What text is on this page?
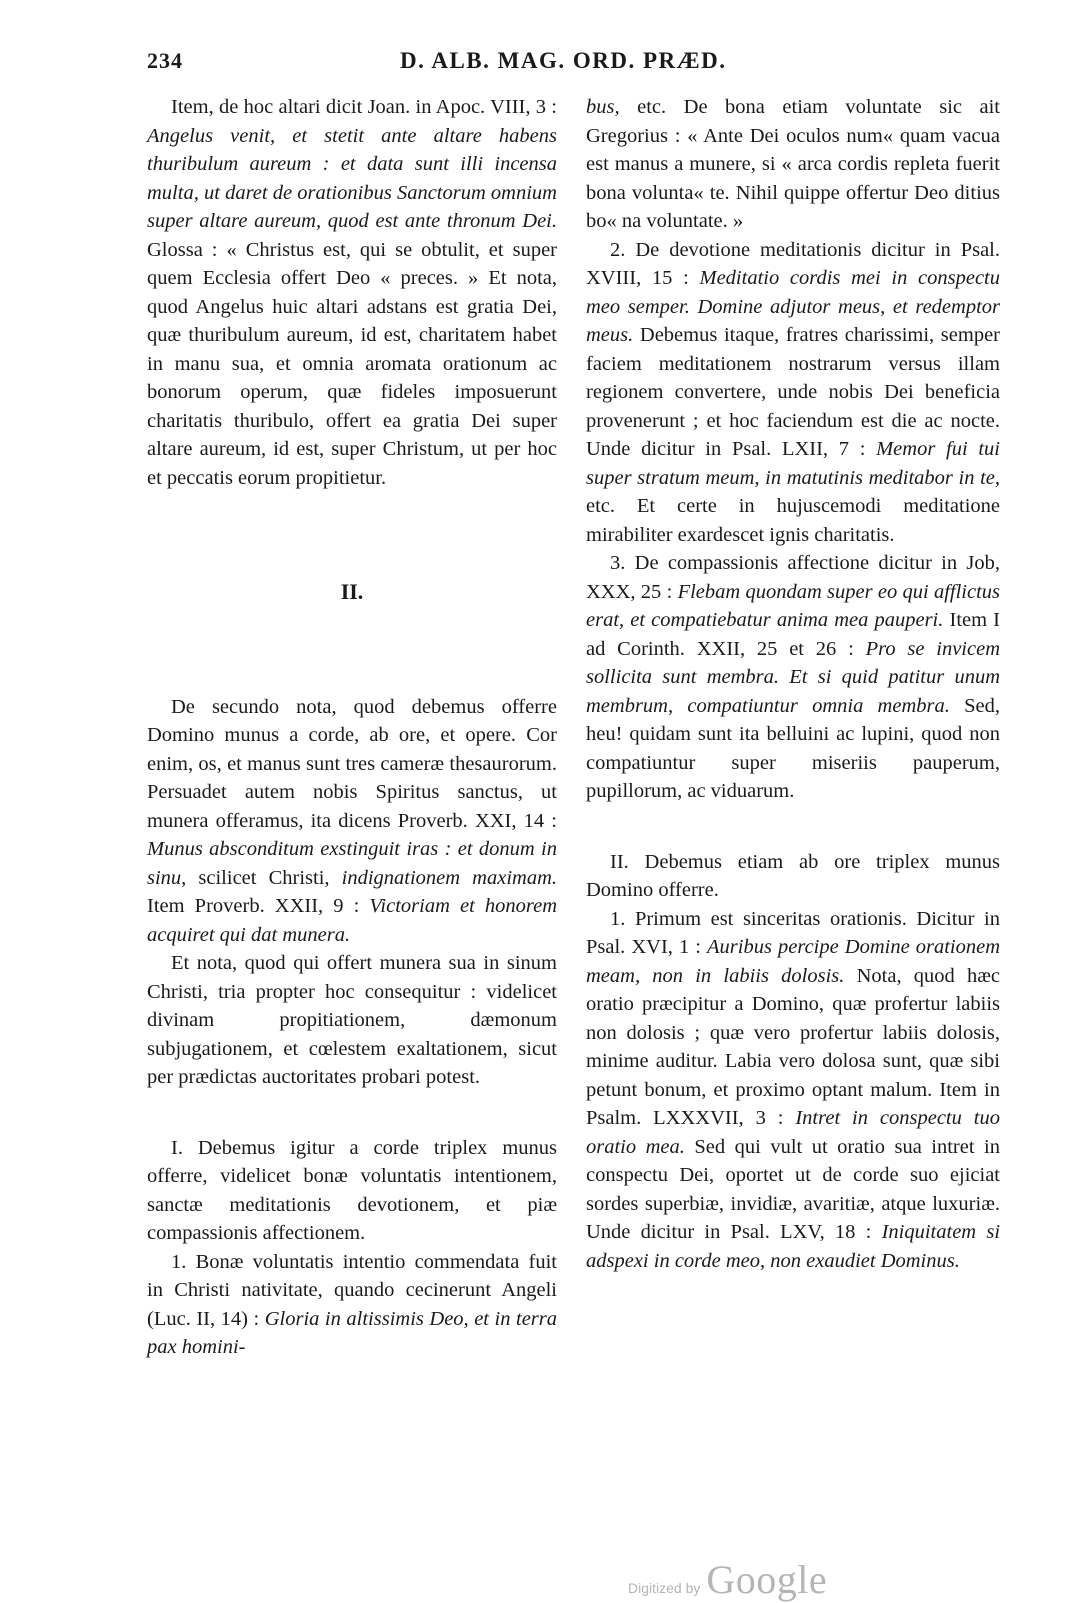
234	D. ALB. MAG. ORD. PRÆD.

Item, de hoc altari dicit Joan. in Apoc. VIII, 3 : Angelus venit, et stetit ante altare habens thuribulum aureum : et data sunt illi incensa multa, ut daret de orationibus Sanctorum omnium super altare aureum, quod est ante thronum Dei. Glossa : « Christus est, qui se obtulit, et super quem Ecclesia offert Deo « preces. » Et nota, quod Angelus huic altari adstans est gratia Dei, quæ thuribulum aureum, id est, charitatem habet in manu sua, et omnia aromata orationum ac bonorum operum, quæ fideles imposuerunt charitatis thuribulo, offert ea gratia Dei super altare aureum, id est, super Christum, ut per hoc et peccatis eorum propitietur.

II.

De secundo nota, quod debemus offerre Domino munus a corde, ab ore, et opere. Cor enim, os, et manus sunt tres cameræ thesaurorum. Persuadet autem nobis Spiritus sanctus, ut munera offeramus, ita dicens Proverb. XXI, 14 : Munus absconditum exstinguit iras : et donum in sinu, scilicet Christi, indignationem maximam. Item Proverb. XXII, 9 : Victoriam et honorem acquiret qui dat munera.

Et nota, quod qui offert munera sua in sinum Christi, tria propter hoc consequitur : videlicet divinam propitiationem, dæmonum subjugationem, et cœlestem exaltationem, sicut per prædictas auctoritates probari potest.

I. Debemus igitur a corde triplex munus offerre, videlicet bonæ voluntatis intentionem, sanctæ meditationis devotionem, et piæ compassionis affectionem.

1. Bonæ voluntatis intentio commendata fuit in Christi nativitate, quando cecinerunt Angeli (Luc. II, 14) : Gloria in altissimis Deo, et in terra pax homini-

bus, etc. De bona etiam voluntate sic ait Gregorius : « Ante Dei oculos num« quam vacua est manus a munere, si « arca cordis repleta fuerit bona volunta« te. Nihil quippe offertur Deo ditius bo« na voluntate. »

2. De devotione meditationis dicitur in Psal. XVIII, 15 : Meditatio cordis mei in conspectu meo semper. Domine adjutor meus, et redemptor meus. Debemus itaque, fratres charissimi, semper faciem meditationem nostrarum versus illam regionem convertere, unde nobis Dei beneficia provenerunt ; et hoc faciendum est die ac nocte. Unde dicitur in Psal. LXII, 7 : Memor fui tui super stratum meum, in matutinis meditabor in te, etc. Et certe in hujuscemodi meditatione mirabiliter exardescet ignis charitatis.

3. De compassionis affectione dicitur in Job, XXX, 25 : Flebam quondam super eo qui afflictus erat, et compatiebatur anima mea pauperi. Item I ad Corinth. XXII, 25 et 26 : Pro se invicem sollicita sunt membra. Et si quid patitur unum membrum, compatiuntur omnia membra. Sed, heu! quidam sunt ita belluini ac lupini, quod non compatiuntur super miseriis pauperum, pupillorum, ac viduarum.

II. Debemus etiam ab ore triplex munus Domino offerre.

1. Primum est sinceritas orationis. Dicitur in Psal. XVI, 1 : Auribus percipe Domine orationem meam, non in labiis dolosis. Nota, quod hæc oratio præcipitur a Domino, quæ profertur labiis non dolosis ; quæ vero profertur labiis dolosis, minime auditur. Labia vero dolosa sunt, quæ sibi petunt bonum, et proximo optant malum. Item in Psalm. LXXXVII, 3 : Intret in conspectu tuo oratio mea. Sed qui vult ut oratio sua intret in conspectu Dei, oportet ut de corde suo ejiciat sordes superbiæ, invidiæ, avaritiæ, atque luxuriæ. Unde dicitur in Psal. LXV, 18 : Iniquitatem si adspexi in corde meo, non exaudiet Dominus.

Digitized by Google
